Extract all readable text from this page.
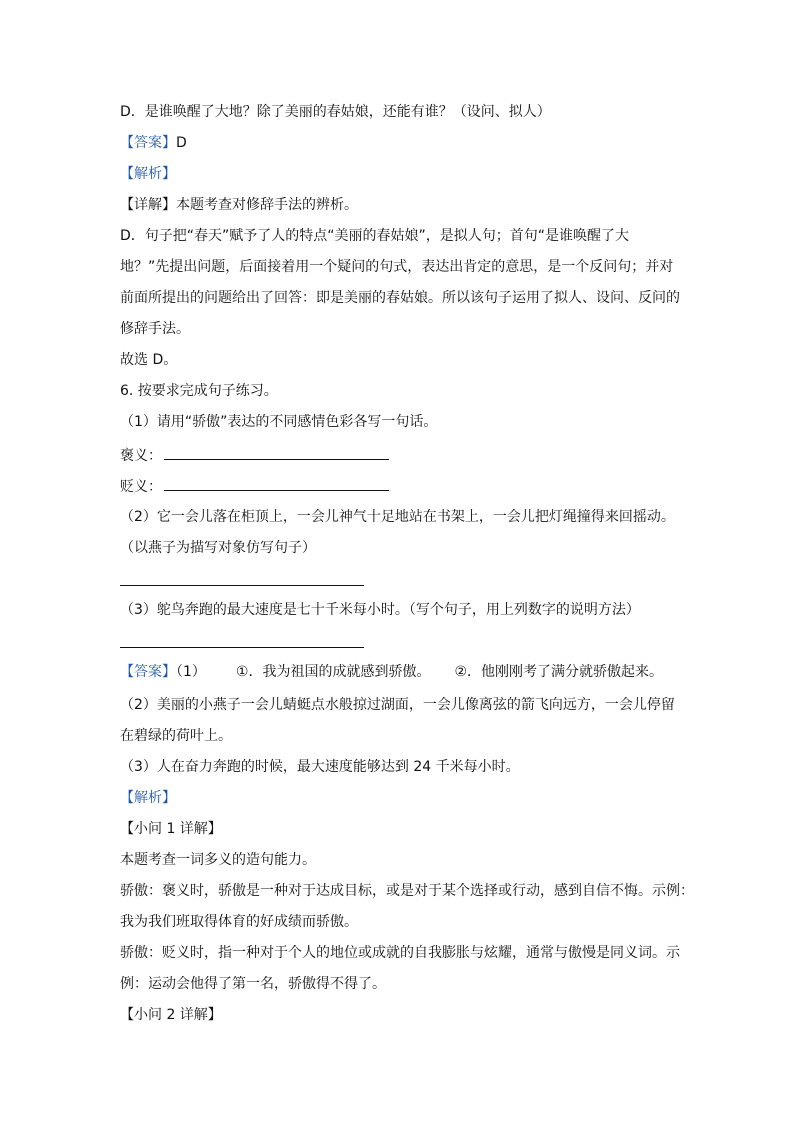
D．是谁唤醒了大地？除了美丽的春姑娘，还能有谁？（设问、拟人）
【答案】D
【解析】
【详解】本题考查对修辞手法的辨析。
D．句子把“春天”赋予了人的特点“美丽的春姑娘”，是拟人句；首句“是谁唤醒了大
地？”先提出问题，后面接着用一个疑问的句式，表达出肯定的意思，是一个反问句；并对
前面所提出的问题给出了回答：即是美丽的春姑娘。所以该句子运用了拟人、设问、反问的
修辞手法。
故选 D。
6. 按要求完成句子练习。
（1）请用“骄傲”表达的不同感情色彩各写一句话。
褒义：
贬义：
（2）它一会儿落在柜顶上，一会儿神气十足地站在书架上，一会儿把灯绳撞得来回摇动。
（以燕子为描写对象仿写句子）
（3）鸵鸟奔跑的最大速度是七十千米每小时。（写个句子，用上列数字的说明方法）
【答案】（1） ①．我为祖国的成就感到骄傲。 ②．他刚刚考了满分就骄傲起来。
（2）美丽的小燕子一会儿蜻蜓点水般掠过湖面，一会儿像离弦的箭飞向远方，一会儿停留
在碧绿的荷叶上。
（3）人在奋力奔跑的时候，最大速度能够达到 24 千米每小时。
【解析】
【小问 1 详解】
本题考查一词多义的造句能力。
骄傲：褒义时，骄傲是一种对于达成目标，或是对于某个选择或行动，感到自信不悔。示例：
我为我们班取得体育的好成绩而骄傲。
骄傲：贬义时，指一种对于个人的地位或成就的自我膨胀与炫耀，通常与傲慢是同义词。示
例：运动会他得了第一名，骄傲得不得了。
【小问 2 详解】
